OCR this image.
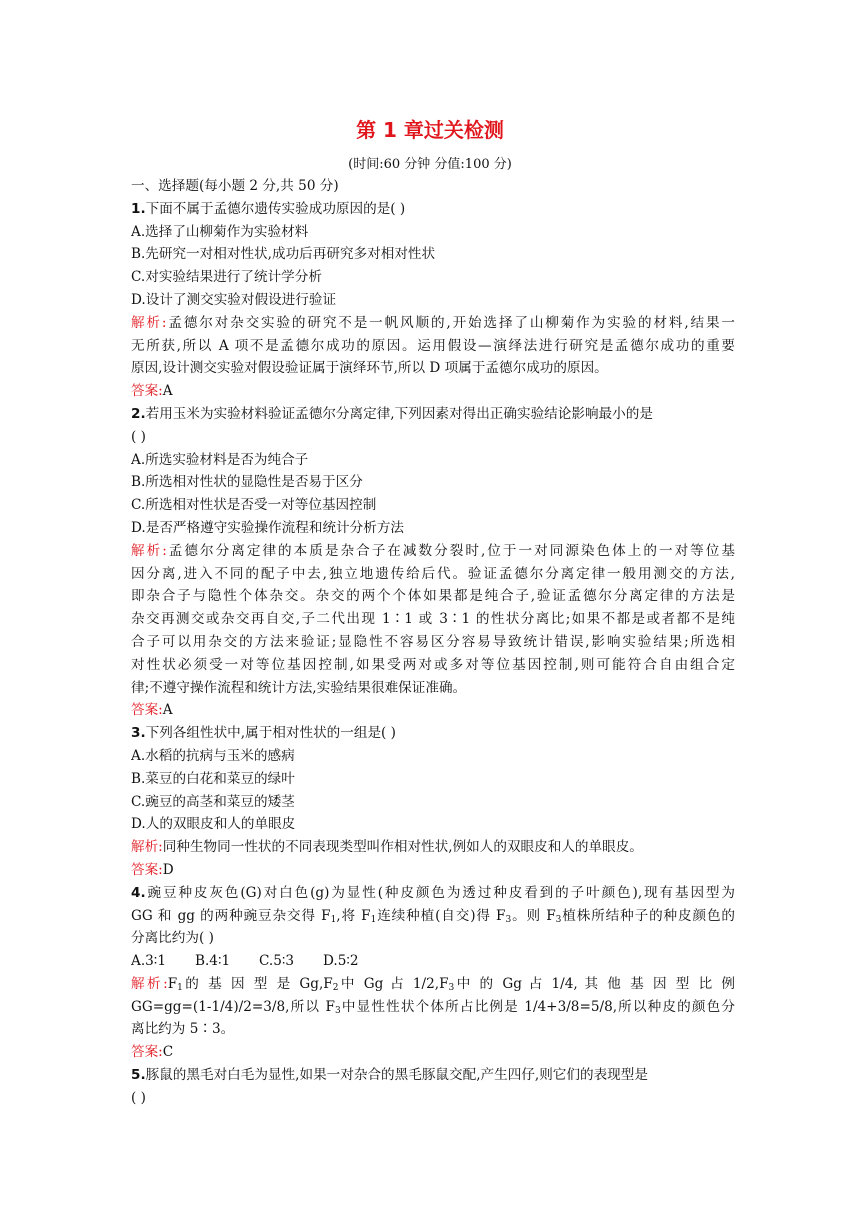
第 1 章过关检测
(时间:60 分钟 分值:100 分)
一、选择题(每小题 2 分,共 50 分)
1.下面不属于孟德尔遗传实验成功原因的是( )
A.选择了山柳菊作为实验材料
B.先研究一对相对性状,成功后再研究多对相对性状
C.对实验结果进行了统计学分析
D.设计了测交实验对假设进行验证
解析:孟德尔对杂交实验的研究不是一帆风顺的,开始选择了山柳菊作为实验的材料,结果一
无所获,所以 A 项不是孟德尔成功的原因。运用假设—演绎法进行研究是孟德尔成功的重要
原因,设计测交实验对假设验证属于演绎环节,所以 D 项属于孟德尔成功的原因。
答案:A
2.若用玉米为实验材料验证孟德尔分离定律,下列因素对得出正确实验结论影响最小的是
( )
A.所选实验材料是否为纯合子
B.所选相对性状的显隐性是否易于区分
C.所选相对性状是否受一对等位基因控制
D.是否严格遵守实验操作流程和统计分析方法
解析:孟德尔分离定律的本质是杂合子在减数分裂时,位于一对同源染色体上的一对等位基
因分离,进入不同的配子中去,独立地遗传给后代。验证孟德尔分离定律一般用测交的方法,
即杂合子与隐性个体杂交。杂交的两个个体如果都是纯合子,验证孟德尔分离定律的方法是
杂交再测交或杂交再自交,子二代出现 1∶1 或 3∶1 的性状分离比;如果不都是或者都不是纯
合子可以用杂交的方法来验证;显隐性不容易区分容易导致统计错误,影响实验结果;所选相
对性状必须受一对等位基因控制,如果受两对或多对等位基因控制,则可能符合自由组合定
律;不遵守操作流程和统计方法,实验结果很难保证准确。
答案:A
3.下列各组性状中,属于相对性状的一组是( )
A.水稻的抗病与玉米的感病
B.菜豆的白花和菜豆的绿叶
C.豌豆的高茎和菜豆的矮茎
D.人的双眼皮和人的单眼皮
解析:同种生物同一性状的不同表现类型叫作相对性状,例如人的双眼皮和人的单眼皮。
答案:D
4.豌豆种皮灰色(G)对白色(g)为显性(种皮颜色为透过种皮看到的子叶颜色),现有基因型为
GG 和 gg 的两种豌豆杂交得 $F_1$,将 $F_1$连续种植(自交)得 $F_3$。则 $F_3$植株所结种子的种皮颜色的
分离比约为( )
A.3∶1 B.4∶1 C.5∶3 D.5∶2
解析$:F_1$的 基 因 型 是 $Gg,F_2$中 Gg 占 $1/2,F_3$中 的 Gg 占 1/4, 其 他 基 因 型 比 例
GG=gg=(1-1/4)/2=3/8,所以 $F_3$中显性性状个体所占比例是 1/4+3/8=5/8,所以种皮的颜色分
离比约为 5∶3。
答案:C
5.豚鼠的黑毛对白毛为显性,如果一对杂合的黑毛豚鼠交配,产生四仔,则它们的表现型是
( )
